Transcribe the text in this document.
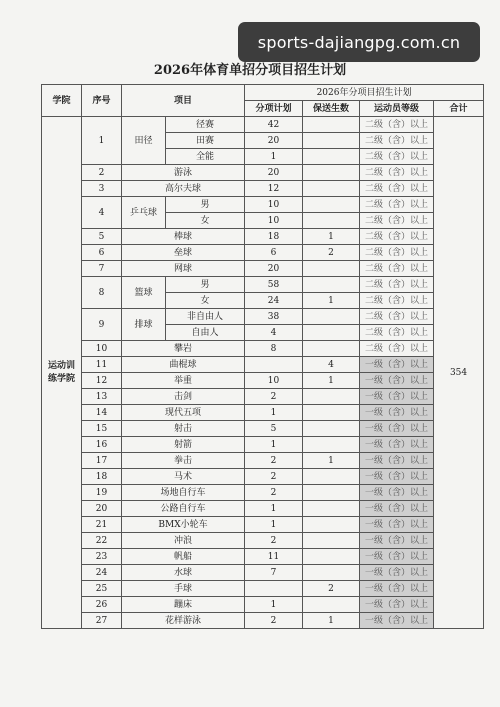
sports-dajiangpg.com.cn
2026年体育单招分项目招生计划
学院	序号	项目		2026年分项目招生计划			
				分项计划	保送生数	运动员等级	合计
运动训练学院	1	田径	径赛	42		二级（含）以上	354
			田赛	20		二级（含）以上	
			全能	1		二级（含）以上	
	2	游泳		20		二级（含）以上	
	3	高尔夫球		12		二级（含）以上	
	4	乒乓球	男	10		二级（含）以上	
			女	10		二级（含）以上	
	5	棒球		18	1	二级（含）以上	
	6	垒球		6	2	二级（含）以上	
	7	网球		20		二级（含）以上	
	8	篮球	男	58		二级（含）以上	
			女	24	1	二级（含）以上	
	9	排球	非自由人	38		二级（含）以上	
			自由人	4		二级（含）以上	
	10	攀岩		8		二级（含）以上	
	11	曲棍球			4	一级（含）以上	
	12	举重		10	1	一级（含）以上	
	13	击剑		2		一级（含）以上	
	14	现代五项		1		一级（含）以上	
	15	射击		5		一级（含）以上	
	16	射箭		1		一级（含）以上	
	17	拳击		2	1	一级（含）以上	
	18	马术		2		一级（含）以上	
	19	场地自行车		2		一级（含）以上	
	20	公路自行车		1		一级（含）以上	
	21	BMX小轮车		1		一级（含）以上	
	22	冲浪		2		一级（含）以上	
	23	帆船		11		一级（含）以上	
	24	水球		7		一级（含）以上	
	25	手球			2	一级（含）以上	
	26	蹦床		1		一级（含）以上	
	27	花样游泳		2	1	一级（含）以上	
